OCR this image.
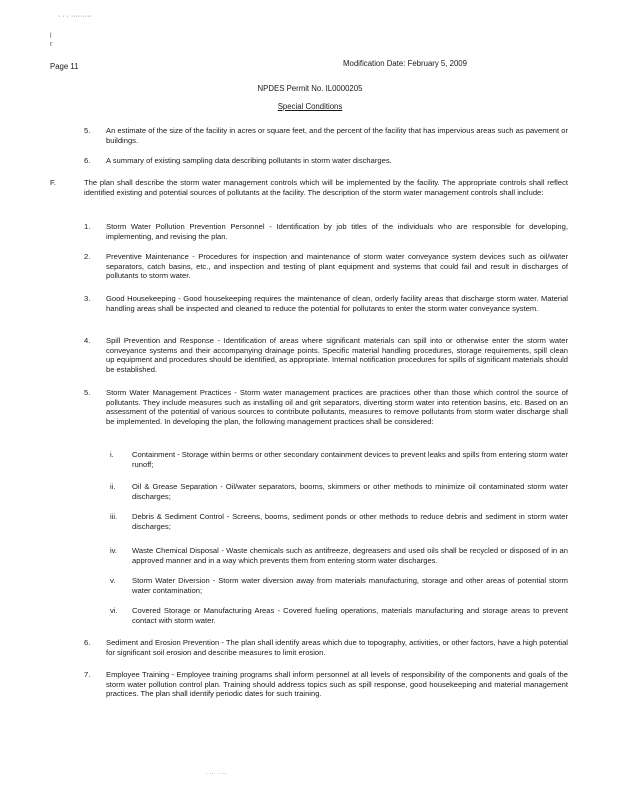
· · · ·········
l
r
Page 11	Modification Date: February 5, 2009
NPDES Permit No. IL0000205
Special Conditions
5. An estimate of the size of the facility in acres or square feet, and the percent of the facility that has impervious areas such as pavement or buildings.
6. A summary of existing sampling data describing pollutants in storm water discharges.
F.	The plan shall describe the storm water management controls which will be implemented by the facility. The appropriate controls shall reflect identified existing and potential sources of pollutants at the facility. The description of the storm water management controls shall include:
1. Storm Water Pollution Prevention Personnel - Identification by job titles of the individuals who are responsible for developing, implementing, and revising the plan.
2. Preventive Maintenance - Procedures for inspection and maintenance of storm water conveyance system devices such as oil/water separators, catch basins, etc., and inspection and testing of plant equipment and systems that could fail and result in discharges of pollutants to storm water.
3. Good Housekeeping - Good housekeeping requires the maintenance of clean, orderly facility areas that discharge storm water. Material handling areas shall be inspected and cleaned to reduce the potential for pollutants to enter the storm water conveyance system.
4. Spill Prevention and Response - Identification of areas where significant materials can spill into or otherwise enter the storm water conveyance systems and their accompanying drainage points. Specific material handling procedures, storage requirements, spill clean up equipment and procedures should be identified, as appropriate. Internal notification procedures for spills of significant materials should be established.
5. Storm Water Management Practices - Storm water management practices are practices other than those which control the source of pollutants. They include measures such as installing oil and grit separators, diverting storm water into retention basins, etc. Based on an assessment of the potential of various sources to contribute pollutants, measures to remove pollutants from storm water discharge shall be implemented. In developing the plan, the following management practices shall be considered:
i. Containment - Storage within berms or other secondary containment devices to prevent leaks and spills from entering storm water runoff;
ii. Oil & Grease Separation - Oil/water separators, booms, skimmers or other methods to minimize oil contaminated storm water discharges;
iii. Debris & Sediment Control - Screens, booms, sediment ponds or other methods to reduce debris and sediment in storm water discharges;
iv. Waste Chemical Disposal - Waste chemicals such as antifreeze, degreasers and used oils shall be recycled or disposed of in an approved manner and in a way which prevents them from entering storm water discharges.
v. Storm Water Diversion - Storm water diversion away from materials manufacturing, storage and other areas of potential storm water contamination;
vi. Covered Storage or Manufacturing Areas - Covered fueling operations, materials manufacturing and storage areas to prevent contact with storm water.
6. Sediment and Erosion Prevention - The plan shall identify areas which due to topography, activities, or other factors, have a high potential for significant soil erosion and describe measures to limit erosion.
7. Employee Training - Employee training programs shall inform personnel at all levels of responsibility of the components and goals of the storm water pollution control plan. Training should address topics such as spill response, good housekeeping and material management practices. The plan shall identify periodic dates for such training.
· ··· · ···
